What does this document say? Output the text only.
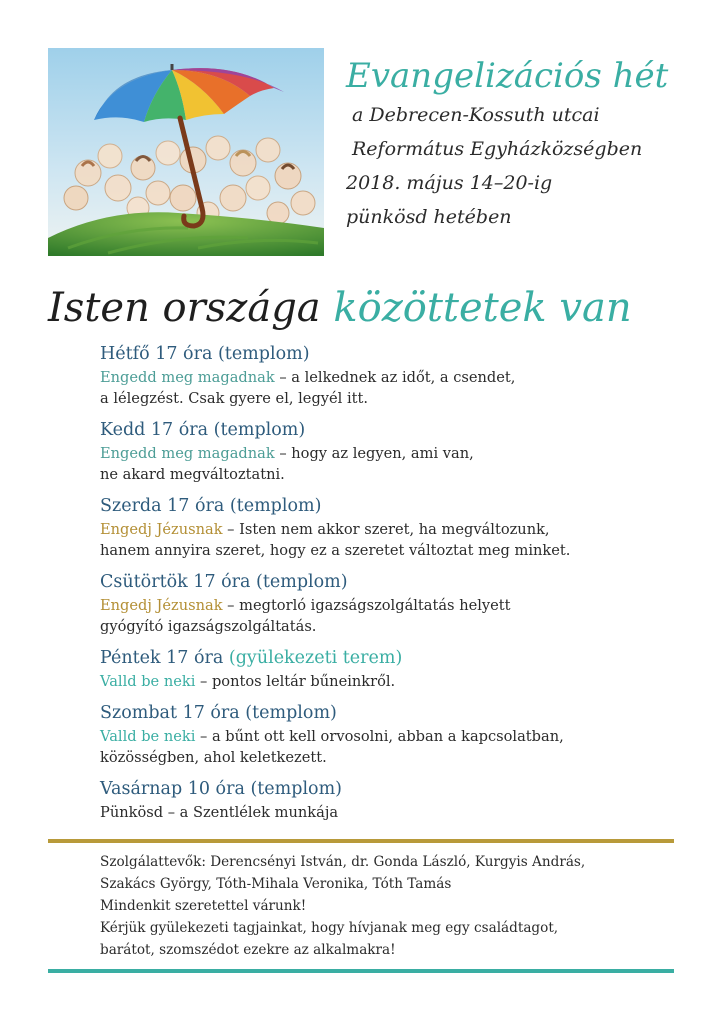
Evangelizációs hét
a Debrecen-Kossuth utcai
Református Egyházközségben
2018. május 14–20-ig
pünkösd hetében
Isten országa közöttetek van
Hétfő 17 óra (templom)
Engedd meg magadnak – a lelkednek az időt, a csendet,
a lélegzést. Csak gyere el, legyél itt.
Kedd 17 óra (templom)
Engedd meg magadnak – hogy az legyen, ami van,
ne akard megváltoztatni.
Szerda 17 óra (templom)
Engedj Jézusnak – Isten nem akkor szeret, ha megváltozunk,
hanem annyira szeret, hogy ez a szeretet változtat meg minket.
Csütörtök 17 óra (templom)
Engedj Jézusnak – megtorló igazságszolgáltatás helyett
gyógyító igazságszolgáltatás.
Péntek 17 óra (gyülekezeti terem)
Valld be neki – pontos leltár bűneinkről.
Szombat 17 óra (templom)
Valld be neki – a bűnt ott kell orvosolni, abban a kapcsolatban,
közösségben, ahol keletkezett.
Vasárnap 10 óra (templom)
Pünkösd – a Szentlélek munkája
Szolgálattevők: Derencsényi István, dr. Gonda László, Kurgyis András,
Szakács György, Tóth-Mihala Veronika, Tóth Tamás
Mindenkit szeretettel várunk!
Kérjük gyülekezeti tagjainkat, hogy hívjanak meg egy családtagot,
barátot, szomszédot ezekre az alkalmakra!
